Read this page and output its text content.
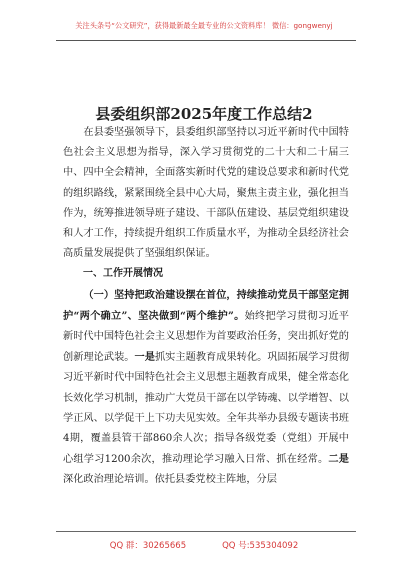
关注头条号“公文研究”，获得最新最全最专业的公文资料库！ 微信：gongwenyj
县委组织部2025年度工作总结2

在县委坚强领导下，县委组织部坚持以习近平新时代中国特色社会主义思想为指导，深入学习贯彻党的二十大和二十届三中、四中全会精神，全面落实新时代党的建设总要求和新时代党的组织路线，紧紧围绕全县中心大局，聚焦主责主业，强化担当作为，统筹推进领导班子建设、干部队伍建设、基层党组织建设和人才工作，持续提升组织工作质量水平，为推动全县经济社会高质量发展提供了坚强组织保证。

一、工作开展情况

（一）坚持把政治建设摆在首位，持续推动党员干部坚定拥护“两个确立”、坚决做到“两个维护”。始终把学习贯彻习近平新时代中国特色社会主义思想作为首要政治任务，突出抓好党的创新理论武装。一是抓实主题教育成果转化。巩固拓展学习贯彻习近平新时代中国特色社会主义思想主题教育成果，健全常态化长效化学习机制，推动广大党员干部在以学铸魂、以学增智、以学正风、以学促干上下功夫见实效。全年共举办县级专题读书班4期，覆盖县管干部860余人次；指导各级党委（党组）开展中心组学习1200余次，推动理论学习融入日常、抓在经常。二是深化政治理论培训。依托县委党校主阵地，分层

QQ 群：30265665	QQ 号:535304092
